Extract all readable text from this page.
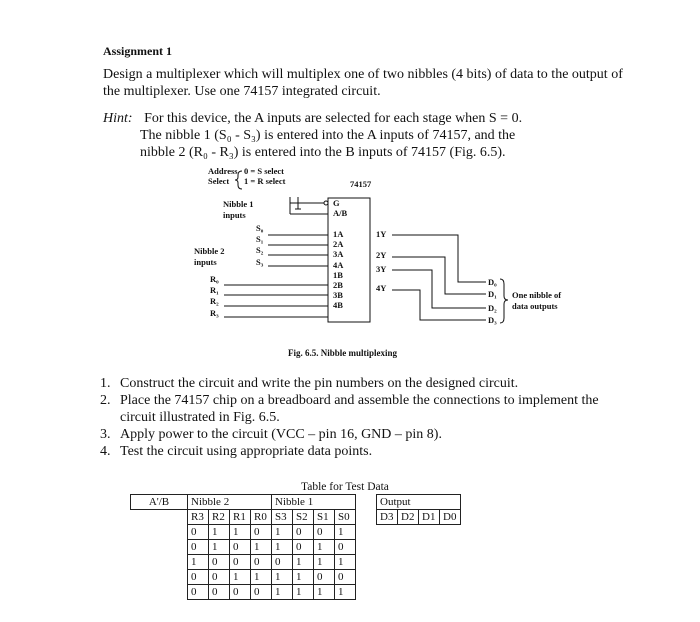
Assignment 1
Design a multiplexer which will multiplex one of two nibbles (4 bits) of data to the output of the multiplexer. Use one 74157 integrated circuit.
Hint: For this device, the A inputs are selected for each stage when S = 0.
The nibble 1 (S₀ - S₃) is entered into the A inputs of 74157, and the
nibble 2 (R₀ - R₃) is entered into the B inputs of 74157 (Fig. 6.5).
Address
Select
0 = S select
1 = R select	74157
Nibble 1
inputs
S₀
S₁
S₂
S₃
Nibble 2
inputs
R₀
R₁
R₂
R₃
G
A/B
1A
2A
3A
4A
1B
2B
3B
4B
1Y
2Y
3Y
4Y
D₀
D₁
D₂
D₃
One nibble of
data outputs
Fig. 6.5. Nibble multiplexing
1. Construct the circuit and write the pin numbers on the designed circuit.
2. Place the 74157 chip on a breadboard and assemble the connections to implement the circuit illustrated in Fig. 6.5.
3. Apply power to the circuit (VCC – pin 16, GND – pin 8).
4. Test the circuit using appropriate data points.
Table for Test Data
A'/B	Nibble 2				Nibble 1					Output			
	R3	R2	R1	R0	S3	S2	S1	S0		D3	D2	D1	D0
	0	1	1	0	1	0	0	1					
	0	1	0	1	1	0	1	0					
	1	0	0	0	0	1	1	1					
	0	0	1	1	1	1	0	0					
	0	0	0	0	1	1	1	1					
